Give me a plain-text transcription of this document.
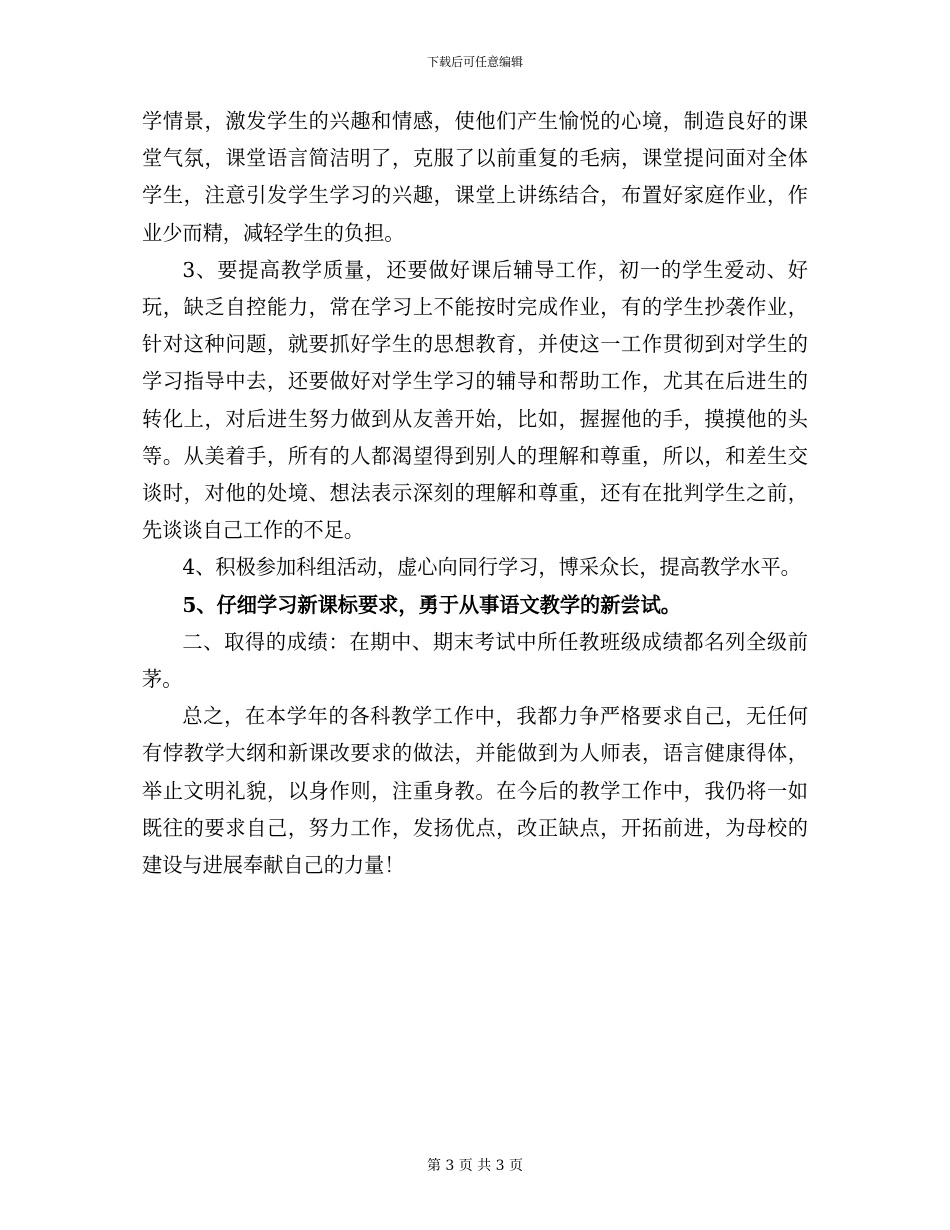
下载后可任意编辑

学情景，激发学生的兴趣和情感，使他们产生愉悦的心境，制造良好的课堂气氛，课堂语言简洁明了，克服了以前重复的毛病，课堂提问面对全体学生，注意引发学生学习的兴趣，课堂上讲练结合，布置好家庭作业，作业少而精，减轻学生的负担。

3、要提高教学质量，还要做好课后辅导工作，初一的学生爱动、好玩，缺乏自控能力，常在学习上不能按时完成作业，有的学生抄袭作业，针对这种问题，就要抓好学生的思想教育，并使这一工作贯彻到对学生的学习指导中去，还要做好对学生学习的辅导和帮助工作，尤其在后进生的转化上，对后进生努力做到从友善开始，比如，握握他的手，摸摸他的头等。从美着手，所有的人都渴望得到别人的理解和尊重，所以，和差生交谈时，对他的处境、想法表示深刻的理解和尊重，还有在批判学生之前，先谈谈自己工作的不足。

4、积极参加科组活动，虚心向同行学习，博采众长，提高教学水平。

5、仔细学习新课标要求，勇于从事语文教学的新尝试。

二、取得的成绩：在期中、期末考试中所任教班级成绩都名列全级前茅。

总之，在本学年的各科教学工作中，我都力争严格要求自己，无任何有悖教学大纲和新课改要求的做法，并能做到为人师表，语言健康得体，举止文明礼貌，以身作则，注重身教。在今后的教学工作中，我仍将一如既往的要求自己，努力工作，发扬优点，改正缺点，开拓前进，为母校的建设与进展奉献自己的力量！

第 3 页 共 3 页
